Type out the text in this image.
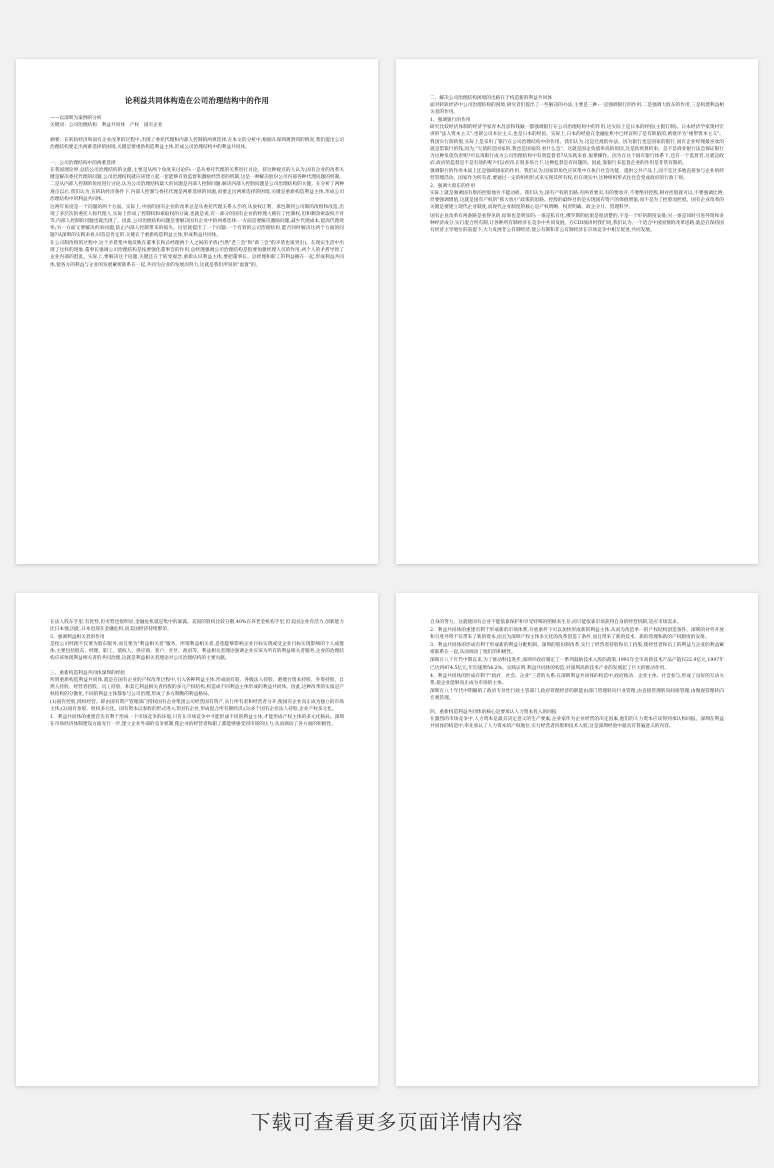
论利益共同体构造在公司治理结构中的作用

——以深圳为案例的分析

关键词：公司治理结构　利益共同体　产权　国有企业

摘要：在转轨经济和国有企业改革的过程中,出现了委托代理和内部人控制的两难选择,在本文的分析中,根据在深圳观察到的情况,我们提出公司治理结构要走出两难选择的困境,关键是要重新构造利益主体,形成公司治理结构中的利益共同体。

一、公司治理结构中的两难选择

在我国理论界,总结公司治理结构的文献,主要是从两个角度来讨论的:一是从委托代理的关系进行讨论。持这种观点的人认为,国有企业的改革关键是解决委托代理的问题,公司治理结构就应该建立起一套能够有效监督和激励经营者的机制,这是一种解决股份公司内部各种代理问题的机制。二是从内部人控制的角度进行讨论,认为公司治理结构最大的问题是内部人控制问题,解决内部人控制问题是公司治理结构的关键。在分析了两种观点以后,我们认为,在转轨经济条件下,内部人控制与委托代理是两难选择的问题,而要走出两难选择的困境,关键是重新构造利益主体,形成公司治理结构中的利益共同体。

这两年角度是一个问题的两个方面。实际上,中国的国有企业的改革总是从委托代理关系入手的,从放权让利、承包制到公司制的改组和改造,出现了多层次的委托人和代理人,实际上形成了控制权和索取权的分离,也就是说,有一部分的国有企业的经理人拥有了控制权,但和剩余索取权不对等,内部人控制的问题也就出现了。因此,公司治理结构问题是要解决国有企业中的两难选择:一方面是要解决激励问题,减少代理成本,提高代理效率;另一方面又要解决约束问题,防止内部人控制带来的损失。这里就提出了一个问题:一个有效的公司治理结构,能否同时解决这两个方面的问题?从深圳的实践来看,回答是肯定的,关键在于重新构造利益主体,形成利益共同体。

在公司制改组的过程中,这个矛盾集中地反映在董事长和总经理两个人之间的矛盾(当然"老三会"和"新三会"的矛盾也很突出)。在现实生活中出现了这样的现象,董事长强调公司治理结构是按要强化董事会的作用,总经理强调公司治理结构是指要加强经理人员的作用,两个人的矛盾导致了企业内部的混乱。实际上,要解决这个问题,关键还在于转变观念,重新认识利益主体,要把董事长、总经理和职工的利益捆在一起,形成利益共同体,使各方的利益与企业的发展紧密联系在一起,共同为企业的发展而努力,这就是我们所说的"虚置"的。

二、解决公司治理结构困境的出路在于构造新的利益共同体

面对转轨经济中公司治理结构的困境,研究者们提出了一些解决的办法,主要是三种:一是强调银行的作用,二是强调大股东的作用,三是构建利益相关者的作用。

1、强调银行的作用

研究比较经济体制的经济学家青木昌彦和钱颖一都强调银行在公司治理结构中的作用,这实际上是日本的经验(主银行制)。日本经济学家奥村宏讲的"法人资本主义",也即公司本位主义,也是日本的经验。实际上,日本的经验在金融危机中已经证明了是有缺陷的,被批评为"裙带资本主义"。我国实行债转股,实际上是采用了银行在公司治理结构中的作用。我们认为,这是过渡的办法。因为银行也是国家的银行,国有企业经理最喜欢的就是借银行的钱,因为,"欠债的是国家的,我也是国家的,看什么急"。这就是国企负债率高的原因,这是软预算约束。是不是商业银行法会保证银行为这种负债负责呢?可以说银行成为公司治理结构中有效监督者?从实践来看,很难操作。因为在这个国有银行体系下,还有一个监督者,这就是政府,政府的监督是不是有效的呢?可以看到,在很多场合下,这种监督是有问题的。因此,靠银行来监督企业的作用是非常有限的。

强调银行的作用本质上还是强调国家的作用。我们认为,国家的角色应该集中在执行社会功能、提供公共产品上,而不宜过多地直接参与企业的经营管理活动。国家作为所有者,要通过一定的组织形式来实现其所有权,但在现实中,这种组织形式往往会变成政府的行政干预。

2、强调大股东的作用

实际上就是强调国有股的控股地位不能动摇。我们认为,国有产权的出路,有两者要卖,有的要放开,不要绝对控股,相对控股就可以,不要强调比例,但要强调增值,这就是国有产权的"抓大放小"政策的思路。控股的最终目的是实现国有资产的保值增值,而不是为了控股而控股。国有企业改革的关键是要建立现代企业制度,而现代企业制度的核心是产权明晰、权责明确、政企分开、管理科学。

国有企业改革有两条路是看得见的,结果也是明显的:一条是私有化,俄罗斯的结果是很清楚的,不是一个好的制度安排;另一条是同时引进外资和多种经济成分,实行混合所有制,让各种所有制经济在竞争中共同发展。在CDI演讲时我们说,我们认为,一个适合中国国情的改革思路,就是在保持国有经济主导地位的前提下,大力发展非公有制经济,使公有制和非公有制经济在市场竞争中相互促进,共同发展。

在法人股东手里,有优势,但劣势也很明显,金融危机就是集中的暴露。美国的股权比较分散,40%在养老金机构手里,但美国企业有活力,创新能力比日本强,因此,日本也现在金融危机,而美国经济持续繁荣。

3、强调利益相关者的作用

是指公司经理不仅要为股东服务,而且要为"利益相关者"服务。所谓利益相关者,是指能够影响企业目标实现或受企业目标实现影响的个人或群体,主要包括股东、经理、职工、债权人、供应商、客户、社区、政府等。利益相关者理论强调企业应该为所有的利益相关者服务,企业的治理结构应该体现利益相关者的共同治理,这就是利益相关者理论对公司治理结构的主要贡献。

三、重新构造利益共同体深圳的经验

所谓重新构造利益共同体,就是在国有企业的产权改革过程中,引入各种利益主体,形成国有股、各级法人持股、港澳台资本持股、外资持股、自然人持股、经营者持股、员工持股、和其它利益相关者持股的多元产权结构,构造成不同利益主体形成的利益共同体。因此,这种改革的实质是产权结构的分散化,不同的利益主体都参与公司治理,形成了多方制衡的利益格局。

(1)国有控股,授权经营。即由国有资产管理部门授权国有企业集团公司经营国有资产,实行所有者和经营者分开,使国有企业真正成为独立的市场主体;(2)国有参股、股权多元化。国有资本以参股的形式进入非国有企业,形成混合所有制经济;(3)多个国有企业法人持股,企业产权多元化。

1、利益共同体的重建首先有利于形成一个市场竞争的环境,只有在市场竞争中才能形成不同的利益主体,才能形成产权主体的多元化格局。深圳在市场经济体制建设方面先行一步,建立企业外部的竞争机制,使企业的经营者和职工都能够感受到市场的压力,从而调动了各方面的积极性。

自身的努力。这就使国有企业不能依靠保护和享受特殊的照顾来生存,而只能依靠市场获得自身的经营机制,适应市场需求。

2、利益共同体的重建有利于形成新的市场体系,开放条件下可以加快形成新的利益主体,从而为改造单一的产权结构创造条件。深圳的对外开放和引进外资不仅带来了新的资本,而且为深圳产权主体多元化的改革创造了条件,而且带来了新的技术、新的管理和新的产权制度的安排。

3、利益共同体的形成有利于形成新的利益分配机制。深圳的股份制改革,实行了经营者持股和员工持股,使经营者和员工的利益与企业的利益紧密联系在一起,从而调动了他们的积极性。

深圳在八十年代中期以来,为了推动科技进步,深圳市政府制定了一系列鼓励技术入股的政策,1991年全市高新技术产品产值仅22.9亿元,1997年已达到474.5亿元,年均递增54.2%。实践证明,利益共同体的构造,对深圳高新技术产业的发展起了巨大的推动作用。

4、利益共同体的形成有利于"政府、社会、企业"三者的关系,在深圳利益共同体的构造中,政府推动、企业主体、社会参与,形成了良好的互动关系,使企业能够真正成为市场的主体。

深圳在八十年代中期撤销了政府专业性行政主管部门,政府管理经济的职能由部门管理转向行业管理,由直接管理转向间接管理,由微观管理转向宏观管理。

四、重新构造利益共同体的核心是要承认人力资本投入的回报

在激烈的市场竞争中,人力资本是最具决定意义的生产要素,企业家作为企业经营的决定因素,他们的人力资本应该得到承认和回报。深圳在利益共同体的构造中,率先承认了人力资本的产权地位,实行经营者持股和技术入股,这是深圳经验中最具有普遍意义的内容。

下载可查看更多页面详情内容
